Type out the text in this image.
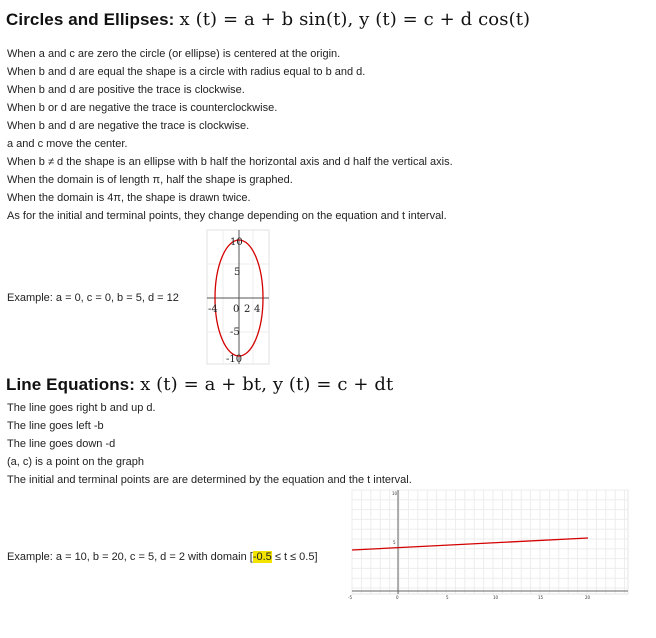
Circles and Ellipses: x (t) = a + b sin(t), y (t) = c + d cos(t)
When a and c are zero the circle (or ellipse) is centered at the origin.
When b and d are equal the shape is a circle with radius equal to b and d.
When b and d are positive the trace is clockwise.
When b or d are negative the trace is counterclockwise.
When b and d are negative the trace is clockwise.
a and c move the center.
When b ≠ d the shape is an ellipse with b half the horizontal axis and d half the vertical axis.
When the domain is of length π, half the shape is graphed.
When the domain is 4π, the shape is drawn twice.
As for the initial and terminal points, they change depending on the equation and t interval.
Example: a = 0, c = 0, b = 5, d = 12
10
5
-5
-10
-4 0 2 4
Line Equations: x (t) = a + bt, y (t) = c + dt
The line goes right b and up d.
The line goes left -b
The line goes down -d
(a, c) is a point on the graph
The initial and terminal points are are determined by the equation and the t interval.
Example: a = 10, b = 20, c = 5, d = 2 with domain [-0.5 ≤ t ≤ 0.5]
10
5
-5	0	5	10	15	20
